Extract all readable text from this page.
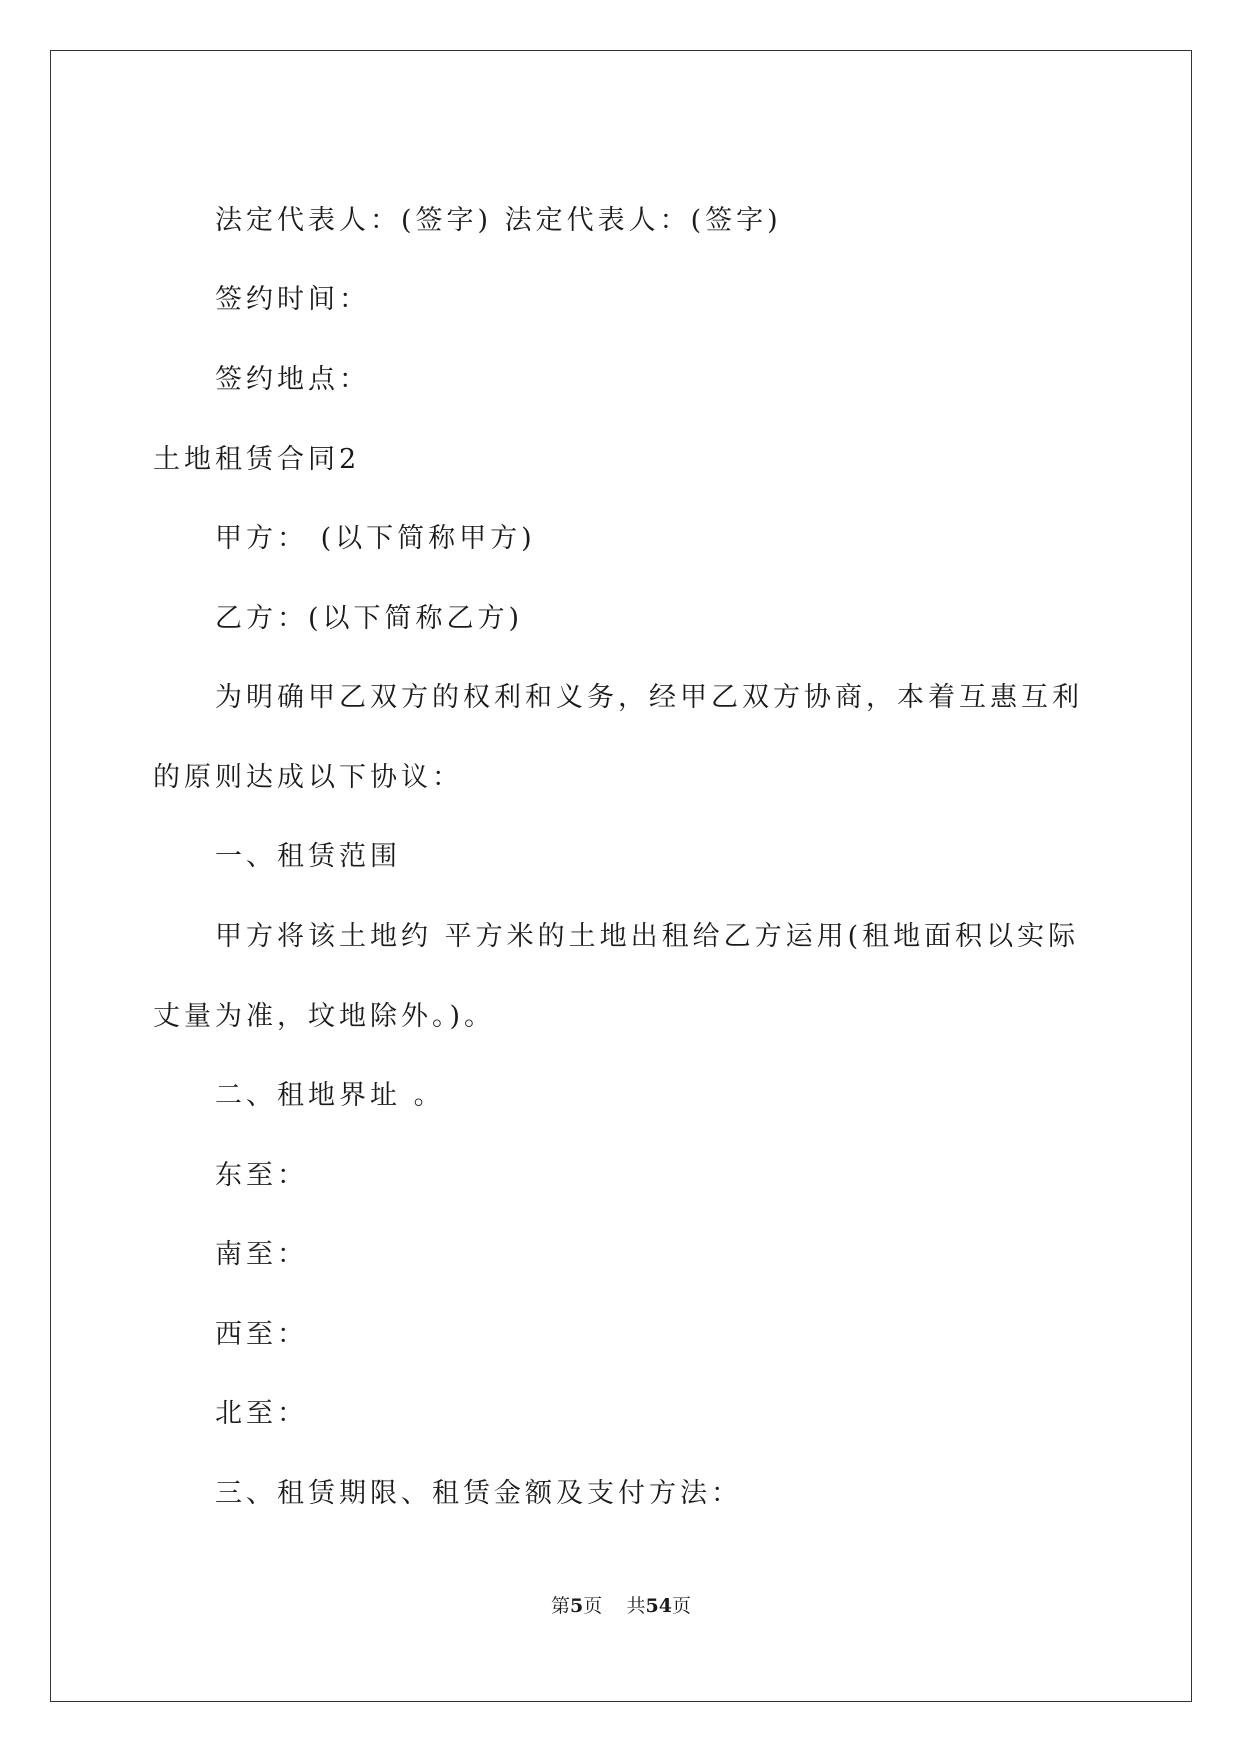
法定代表人：(签字) 法定代表人：(签字)
签约时间：
签约地点：
土地租赁合同2
甲方： (以下简称甲方)
乙方：(以下简称乙方)
为明确甲乙双方的权利和义务，经甲乙双方协商，本着互惠互利
的原则达成以下协议：
一、租赁范围
甲方将该土地约 平方米的土地出租给乙方运用(租地面积以实际
丈量为准，坟地除外。)。
二、租地界址 。
东至：
南至：
西至：
北至：
三、租赁期限、租赁金额及支付方法：
第5页 共54页
